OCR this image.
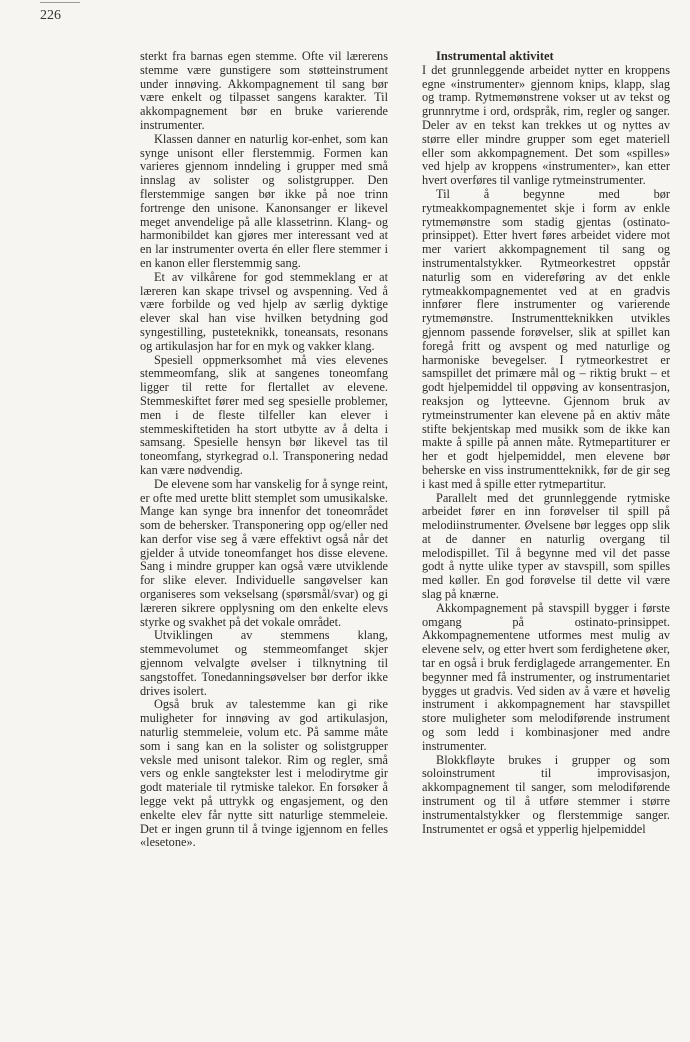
226

sterkt fra barnas egen stemme. Ofte vil lærerens stemme være gunstigere som støtteinstrument under innøving. Akkompagnement til sang bør være enkelt og tilpasset sangens karakter. Til akkompagnement bør en bruke varierende instrumenter.

Klassen danner en naturlig kor-enhet, som kan synge unisont eller flerstemmig. Formen kan varieres gjennom inndeling i grupper med små innslag av solister og solistgrupper. Den flerstemmige sangen bør ikke på noe trinn fortrenge den unisone. Kanonsanger er likevel meget anvendelige på alle klassetrinn. Klang- og harmonibildet kan gjøres mer interessant ved at en lar instrumenter overta én eller flere stemmer i en kanon eller flerstemmig sang.

Et av vilkårene for god stemmeklang er at læreren kan skape trivsel og avspenning. Ved å være forbilde og ved hjelp av særlig dyktige elever skal han vise hvilken betydning god syngestilling, pusteteknikk, toneansats, resonans og artikulasjon har for en myk og vakker klang.

Spesiell oppmerksomhet må vies elevenes stemmeomfang, slik at sangenes toneomfang ligger til rette for flertallet av elevene. Stemmeskiftet fører med seg spesielle problemer, men i de fleste tilfeller kan elever i stemmeskiftetiden ha stort utbytte av å delta i samsang. Spesielle hensyn bør likevel tas til toneomfang, styrkegrad o.l. Transponering nedad kan være nødvendig.

De elevene som har vanskelig for å synge reint, er ofte med urette blitt stemplet som umusikalske. Mange kan synge bra innenfor det toneområdet som de behersker. Transponering opp og/eller ned kan derfor vise seg å være effektivt også når det gjelder å utvide toneomfanget hos disse elevene. Sang i mindre grupper kan også være utviklende for slike elever. Individuelle sangøvelser kan organiseres som vekselsang (spørsmål/svar) og gi læreren sikrere opplysning om den enkelte elevs styrke og svakhet på det vokale området.

Utviklingen av stemmens klang, stemmevolumet og stemmeomfanget skjer gjennom velvalgte øvelser i tilknytning til sangstoffet. Tonedanningsøvelser bør derfor ikke drives isolert.

Også bruk av talestemme kan gi rike muligheter for innøving av god artikulasjon, naturlig stemmeleie, volum etc. På samme måte som i sang kan en la solister og solistgrupper veksle med unisont talekor. Rim og regler, små vers og enkle sangtekster lest i melodirytme gir godt materiale til rytmiske talekor. En forsøker å legge vekt på uttrykk og engasjement, og den enkelte elev får nytte sitt naturlige stemmeleie. Det er ingen grunn til å tvinge igjennom en felles «lesetone».

Instrumental aktivitet

I det grunnleggende arbeidet nytter en kroppens egne «instrumenter» gjennom knips, klapp, slag og tramp. Rytmemønstrene vokser ut av tekst og grunnrytme i ord, ordspråk, rim, regler og sanger. Deler av en tekst kan trekkes ut og nyttes av større eller mindre grupper som eget materiell eller som akkompagnement. Det som «spilles» ved hjelp av kroppens «instrumenter», kan etter hvert overføres til vanlige rytmeinstrumenter.

Til å begynne med bør rytmeakkompagnementet skje i form av enkle rytmemønstre som stadig gjentas (ostinato-prinsippet). Etter hvert føres arbeidet videre mot mer variert akkompagnement til sang og instrumentalstykker. Rytmeorkestret oppstår naturlig som en videreføring av det enkle rytmeakkompagnementet ved at en gradvis innfører flere instrumenter og varierende rytmemønstre. Instrumentteknikken utvikles gjennom passende forøvelser, slik at spillet kan foregå fritt og avspent og med naturlige og harmoniske bevegelser. I rytmeorkestret er samspillet det primære mål og – riktig brukt – et godt hjelpemiddel til oppøving av konsentrasjon, reaksjon og lytteevne. Gjennom bruk av rytmeinstrumenter kan elevene på en aktiv måte stifte bekjentskap med musikk som de ikke kan makte å spille på annen måte. Rytmepartiturer er her et godt hjelpemiddel, men elevene bør beherske en viss instrumentteknikk, før de gir seg i kast med å spille etter rytmepartitur.

Parallelt med det grunnleggende rytmiske arbeidet fører en inn forøvelser til spill på melodiinstrumenter. Øvelsene bør legges opp slik at de danner en naturlig overgang til melodispillet. Til å begynne med vil det passe godt å nytte ulike typer av stavspill, som spilles med køller. En god forøvelse til dette vil være slag på knærne.

Akkompagnement på stavspill bygger i første omgang på ostinato-prinsippet. Akkompagnementene utformes mest mulig av elevene selv, og etter hvert som ferdighetene øker, tar en også i bruk ferdiglagede arrangementer. En begynner med få instrumenter, og instrumentariet bygges ut gradvis. Ved siden av å være et høvelig instrument i akkompagnement har stavspillet store muligheter som melodiførende instrument og som ledd i kombinasjoner med andre instrumenter.

Blokkfløyte brukes i grupper og som soloinstrument til improvisasjon, akkompagnement til sanger, som melodiførende instrument og til å utføre stemmer i større instrumentalstykker og flerstemmige sanger. Instrumentet er også et ypperlig hjelpemiddel
